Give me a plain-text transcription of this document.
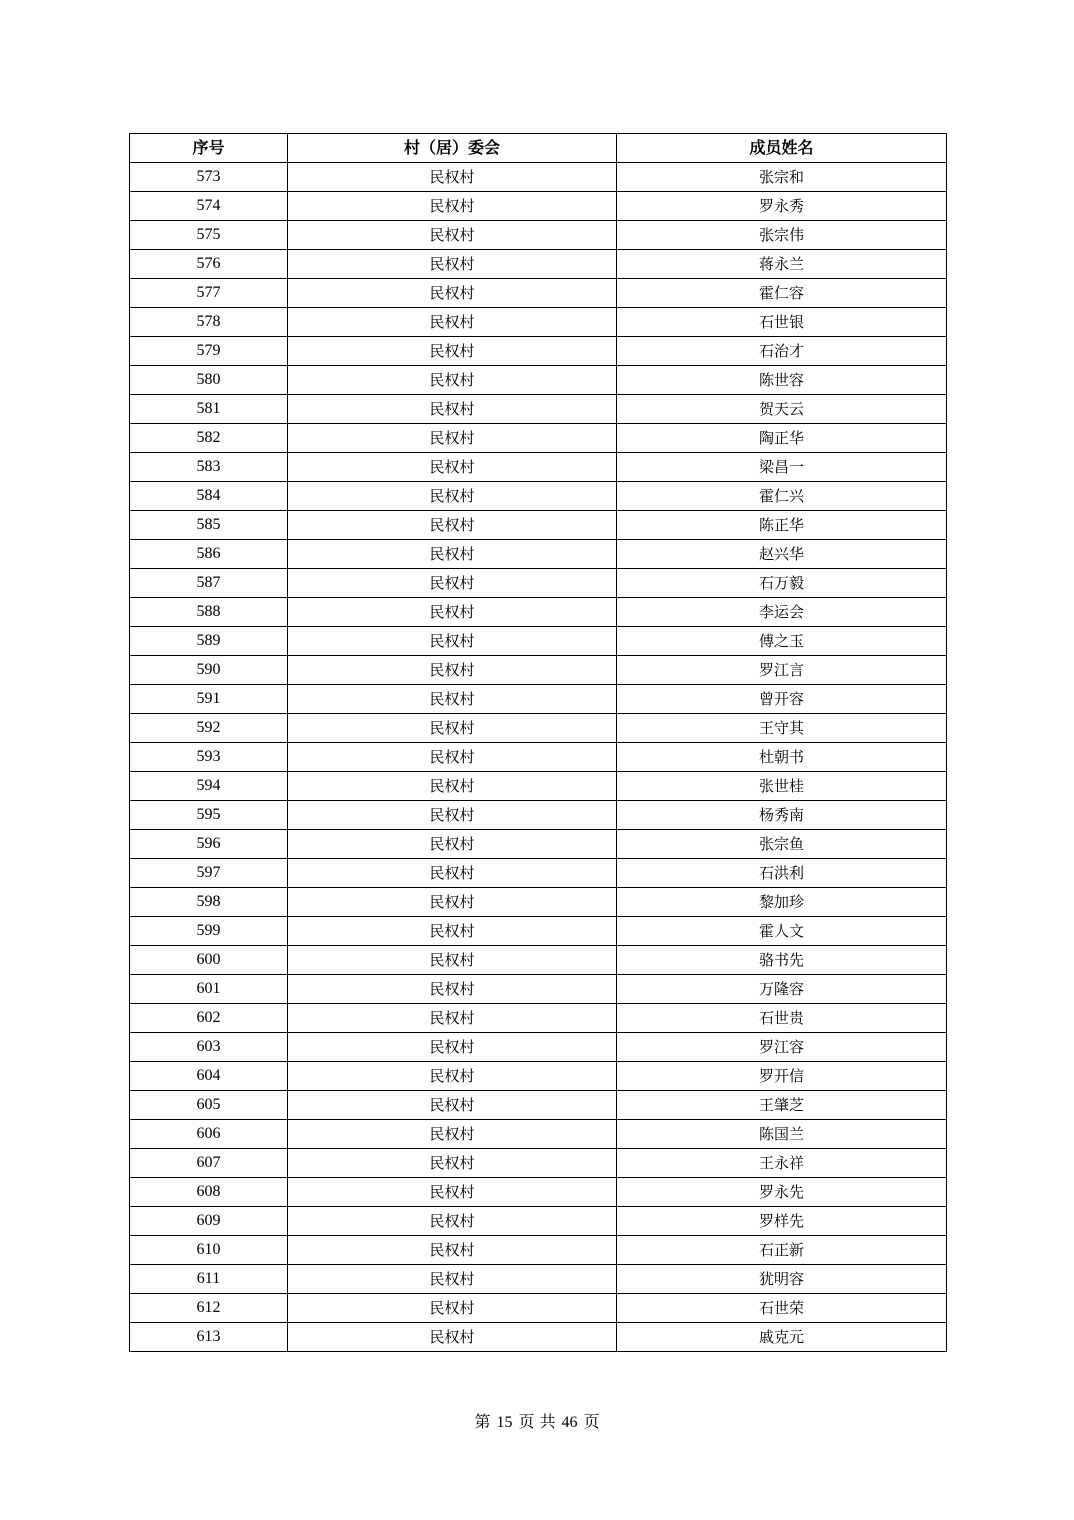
序号	村（居）委会	成员姓名
573	民权村	张宗和
574	民权村	罗永秀
575	民权村	张宗伟
576	民权村	蒋永兰
577	民权村	霍仁容
578	民权村	石世银
579	民权村	石治才
580	民权村	陈世容
581	民权村	贺天云
582	民权村	陶正华
583	民权村	梁昌一
584	民权村	霍仁兴
585	民权村	陈正华
586	民权村	赵兴华
587	民权村	石万毅
588	民权村	李运会
589	民权村	傅之玉
590	民权村	罗江言
591	民权村	曾开容
592	民权村	王守其
593	民权村	杜朝书
594	民权村	张世桂
595	民权村	杨秀南
596	民权村	张宗鱼
597	民权村	石洪利
598	民权村	黎加珍
599	民权村	霍人文
600	民权村	骆书先
601	民权村	万隆容
602	民权村	石世贵
603	民权村	罗江容
604	民权村	罗开信
605	民权村	王肇芝
606	民权村	陈国兰
607	民权村	王永祥
608	民权村	罗永先
609	民权村	罗样先
610	民权村	石正新
611	民权村	犹明容
612	民权村	石世荣
613	民权村	戚克元
第 15 页 共 46 页
